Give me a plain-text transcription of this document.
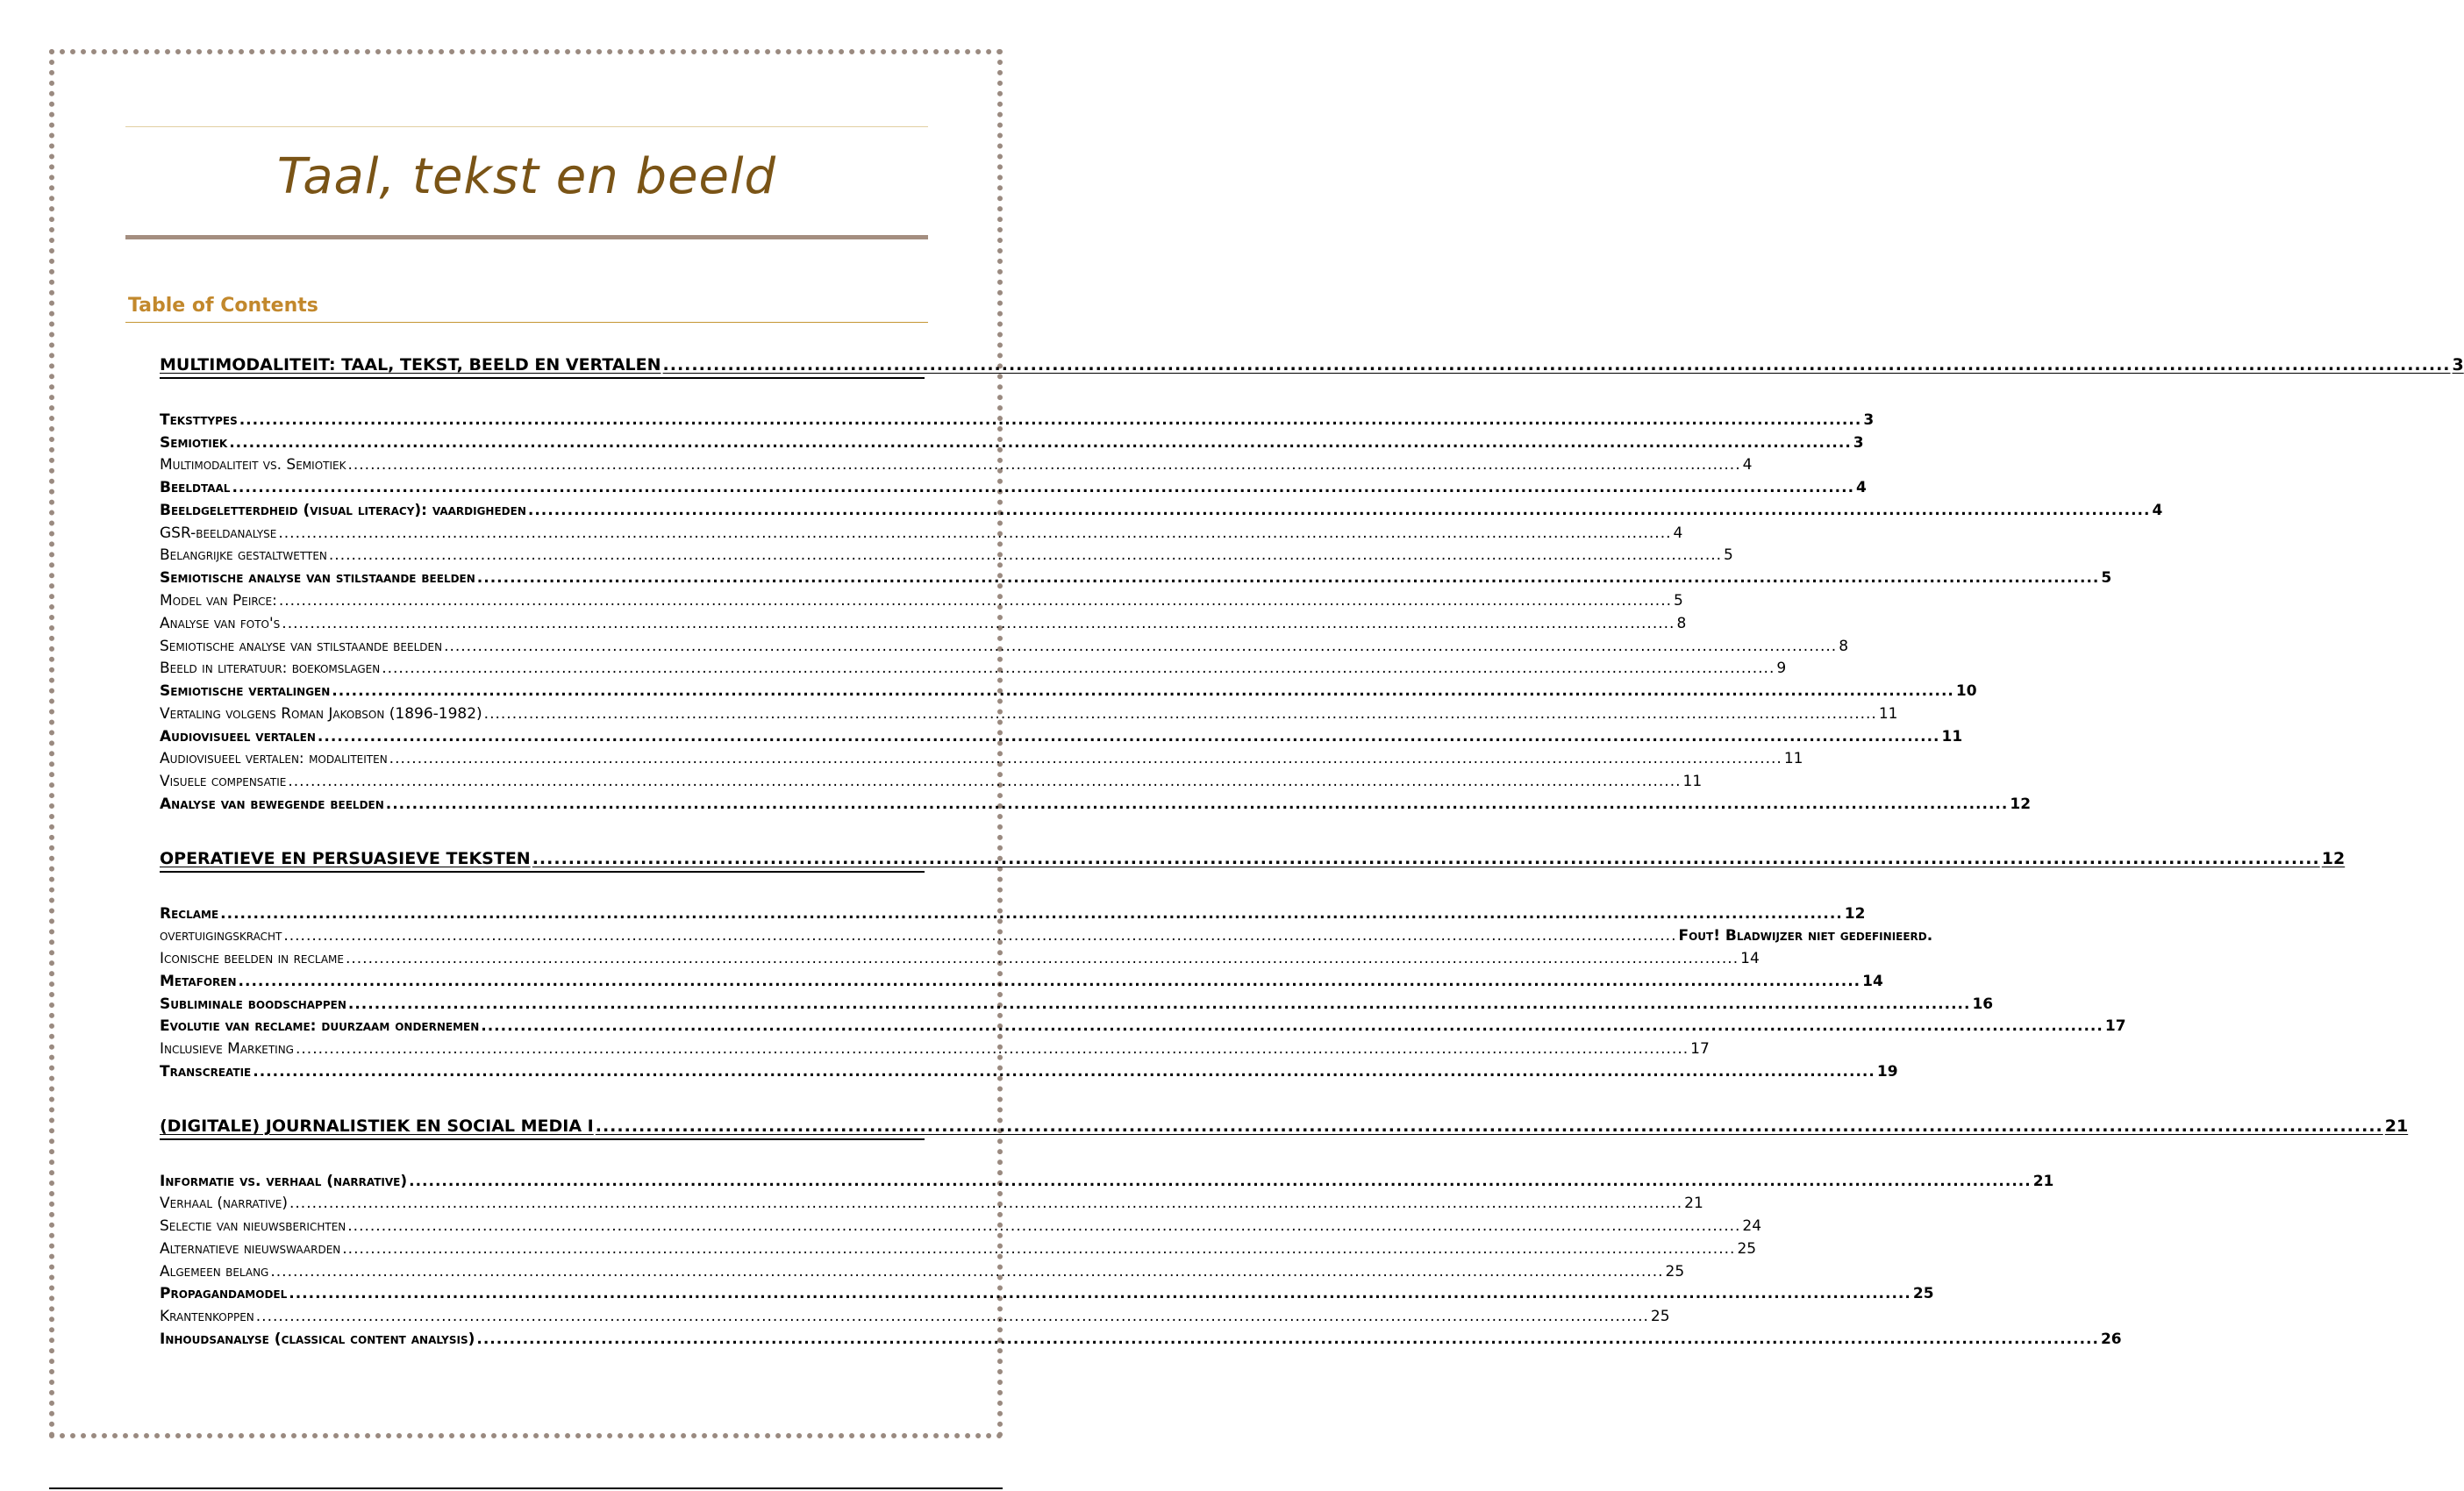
Taal, tekst en beeld
Table of Contents
MULTIMODALITEIT: TAAL, TEKST, BEELD EN VERTALEN .....	3
Teksttypes .....	3
Semiotiek .....	3
Multimodaliteit vs. Semiotiek .....	4
Beeldtaal .....	4
Beeldgeletterdheid (visual literacy): vaardigheden .....	4
GSR-beeldanalyse .....	4
Belangrijke gestaltwetten .....	5
Semiotische analyse van stilstaande beelden .....	5
Model van Peirce: .....	5
Analyse van foto's .....	8
Semiotische analyse van stilstaande beelden .....	8
Beeld in literatuur: boekomslagen .....	9
Semiotische vertalingen .....	10
Vertaling volgens Roman Jakobson (1896-1982) .....	11
Audiovisueel vertalen .....	11
Audiovisueel vertalen: modaliteiten .....	11
Visuele compensatie .....	11
Analyse van bewegende beelden .....	12
OPERATIEVE EN PERSUASIEVE TEKSTEN .....	12
Reclame .....	12
overtuigingskracht .....	Fout! Bladwijzer niet gedefinieerd.
Iconische beelden in reclame .....	14
Metaforen .....	14
Subliminale boodschappen .....	16
Evolutie van reclame: duurzaam ondernemen .....	17
Inclusieve Marketing .....	17
Transcreatie .....	19
(DIGITALE) JOURNALISTIEK EN SOCIAL MEDIA I .....	21
Informatie vs. verhaal (narrative) .....	21
Verhaal (narrative) .....	21
Selectie van nieuwsberichten .....	24
Alternatieve nieuwswaarden .....	25
Algemeen belang .....	25
Propagandamodel .....	25
Krantenkoppen .....	25
Inhoudsanalyse (classical content analysis) .....	26
